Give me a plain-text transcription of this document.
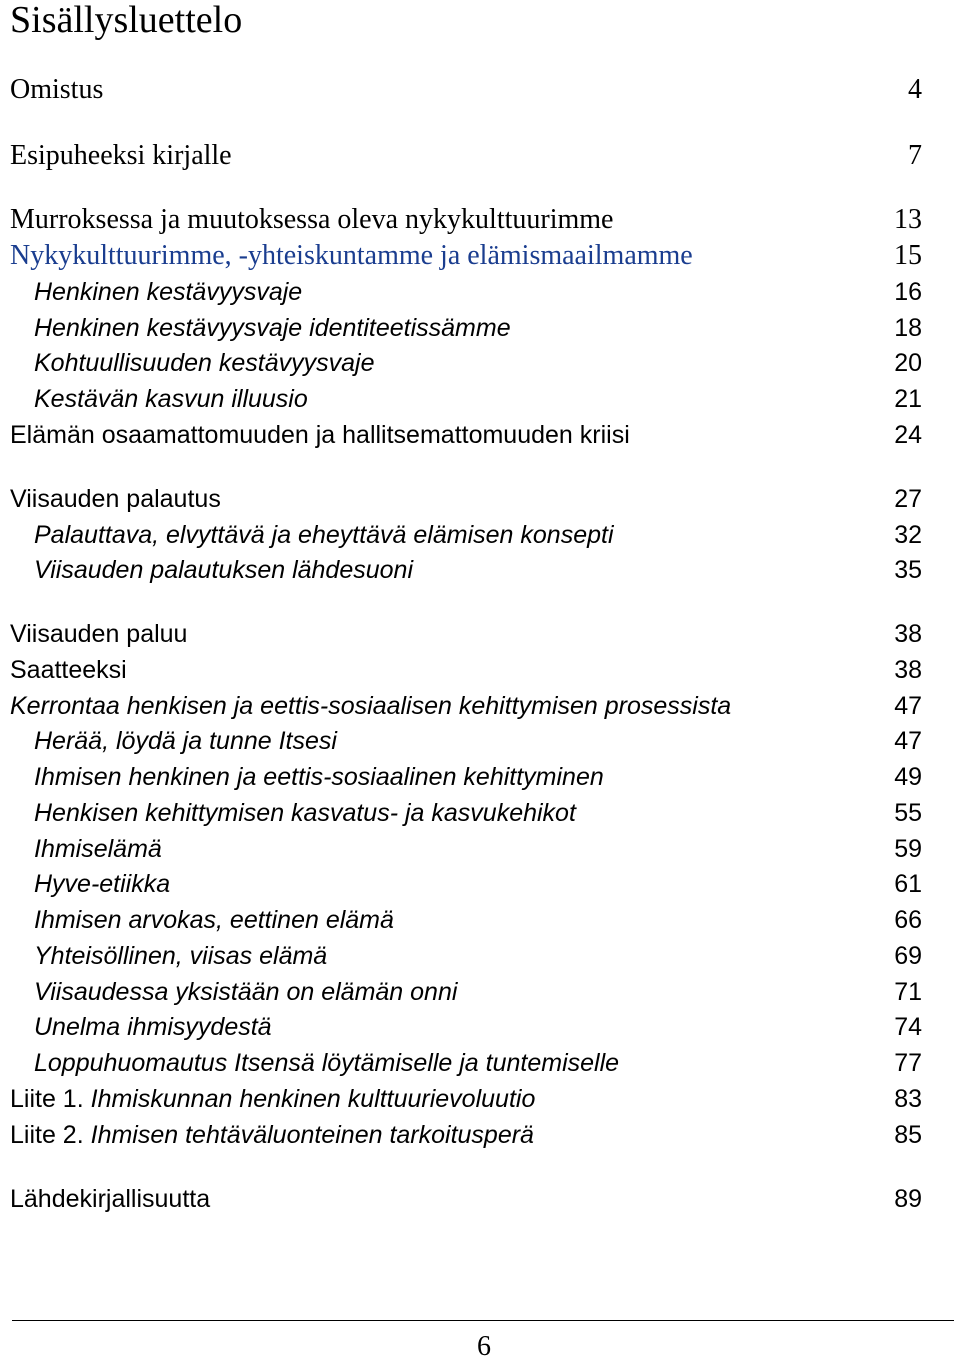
Sisällysluettelo
Omistus	4
Esipuheeksi kirjalle	7
Murroksessa ja muutoksessa oleva nykykulttuurimme	13
Nykykulttuurimme, -yhteiskuntamme ja elämismaailmamme	15
Henkinen kestävyysvaje	16
Henkinen kestävyysvaje identiteetissämme	18
Kohtuullisuuden kestävyysvaje	20
Kestävän kasvun illuusio	21
Elämän osaamattomuuden ja hallitsemattomuuden kriisi	24
Viisauden palautus	27
Palauttava, elvyttävä ja eheyttävä elämisen konsepti	32
Viisauden palautuksen lähdesuoni	35
Viisauden paluu	38
Saatteeksi	38
Kerrontaa henkisen ja eettis-sosiaalisen kehittymisen prosessista	47
Herää, löydä ja tunne Itsesi	47
Ihmisen henkinen ja eettis-sosiaalinen kehittyminen	49
Henkisen kehittymisen kasvatus- ja kasvukehikot	55
Ihmiselämä	59
Hyve-etiikka	61
Ihmisen arvokas, eettinen elämä	66
Yhteisöllinen, viisas elämä	69
Viisaudessa yksistään on elämän onni	71
Unelma ihmisyydestä	74
Loppuhuomautus Itsensä löytämiselle ja tuntemiselle	77
Liite 1. Ihmiskunnan henkinen kulttuurievoluutio	83
Liite 2. Ihmisen tehtäväluonteinen tarkoitusperä	85
Lähdekirjallisuutta	89
6
